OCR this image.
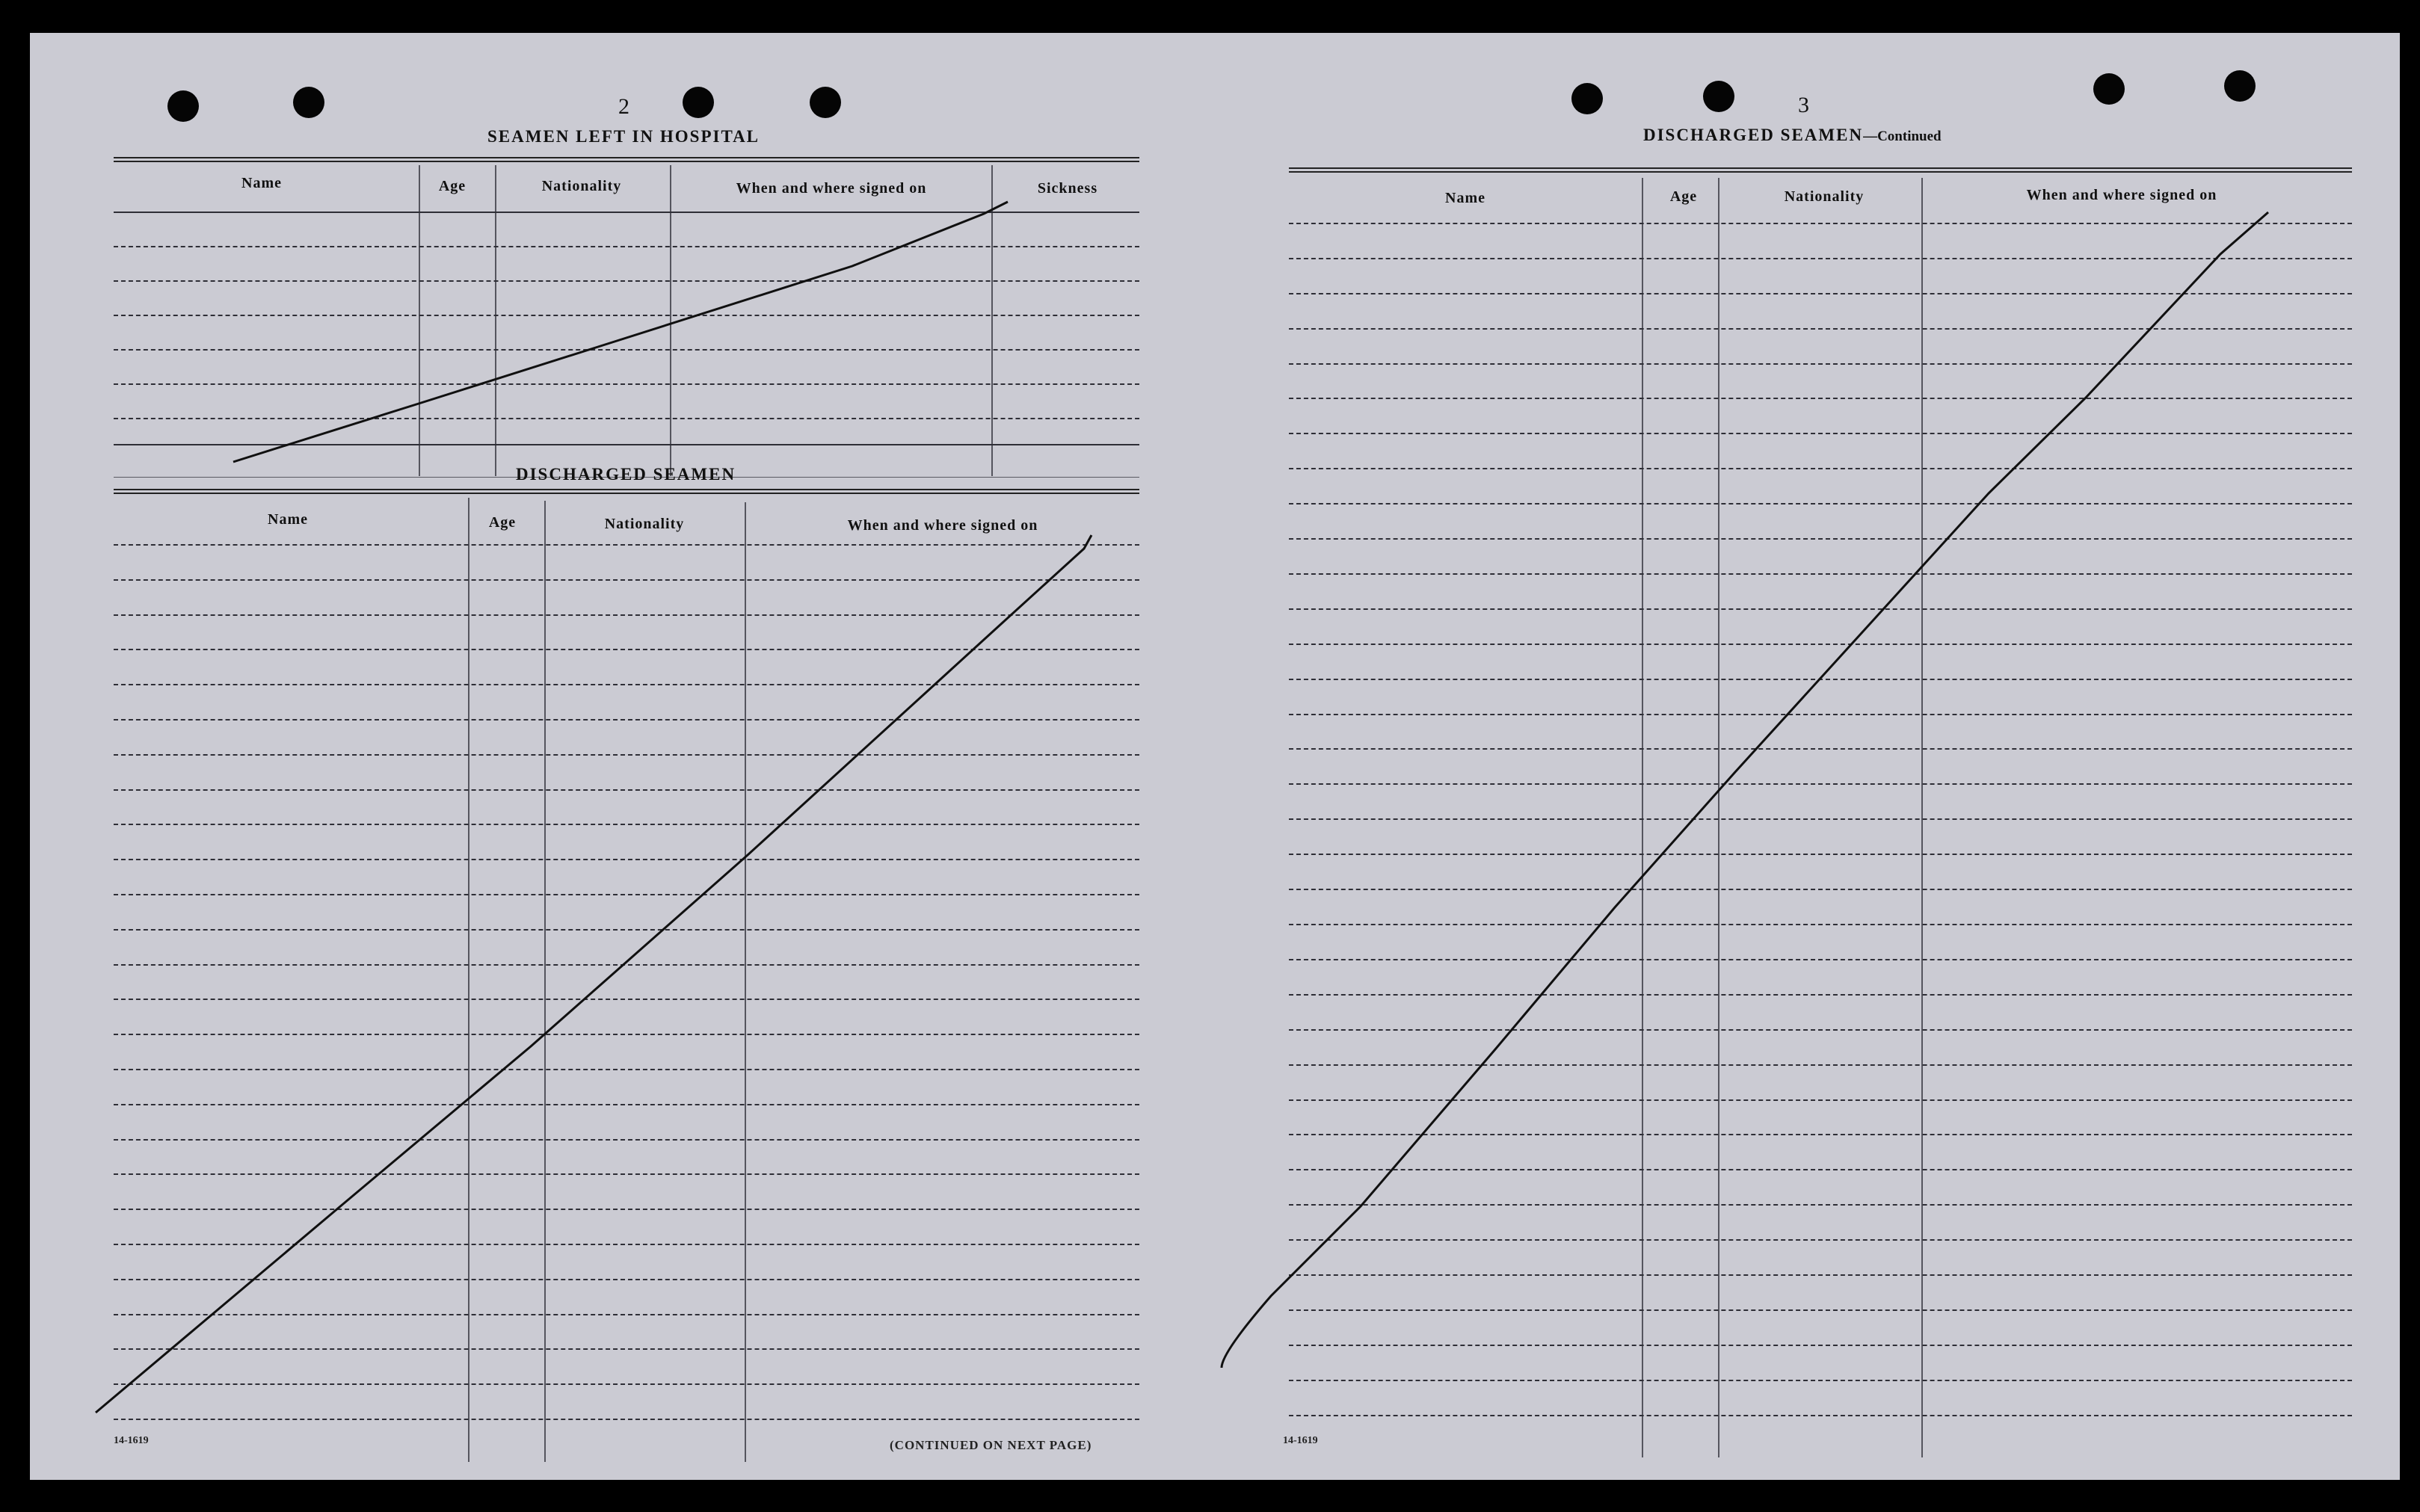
2
SEAMEN LEFT IN HOSPITAL
Name	Age	Nationality	When and where signed on	Sickness
DISCHARGED SEAMEN
Name	Age	Nationality	When and where signed on
14-1619	(CONTINUED ON NEXT PAGE)
3
DISCHARGED SEAMEN—Continued
Name	Age	Nationality	When and where signed on
14-1619
